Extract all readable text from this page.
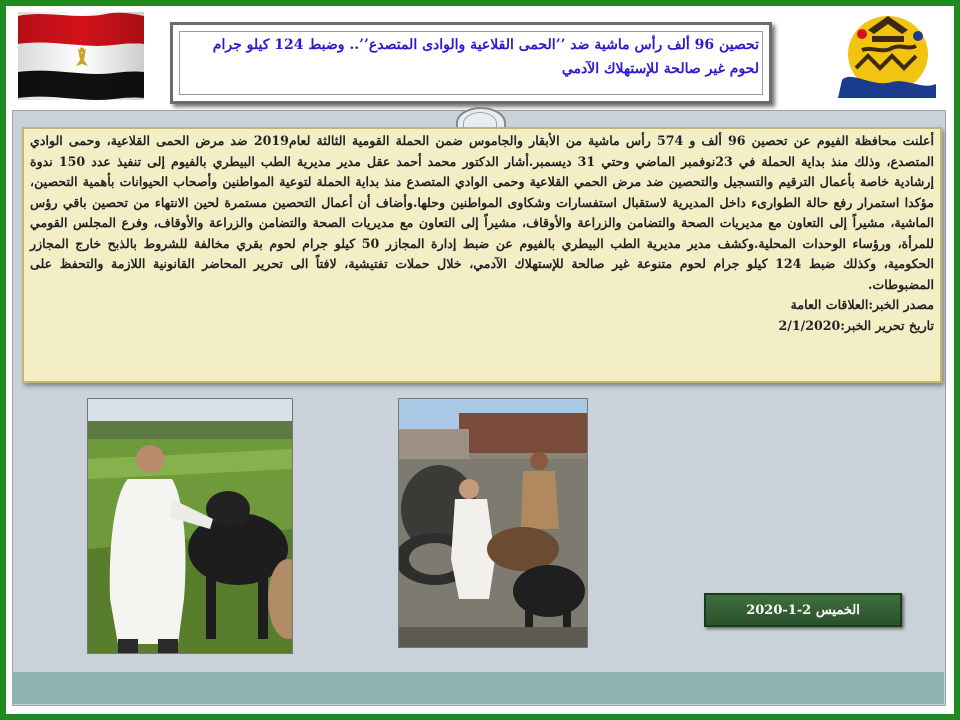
تحصين 96 ألف رأس ماشية ضد ’’الحمى القلاعية والوادى المتصدع’’.. وضبط 124 كيلو جرام لحوم غير صالحة للإستهلاك الآدمي

أعلنت محافظة الفيوم عن تحصين 96 ألف و 574 رأس ماشية من الأبقار والجاموس ضمن الحملة القومية الثالثة لعام2019 ضد مرض الحمى القلاعية، وحمى الوادي المتصدع، وذلك منذ بداية الحملة في 23نوفمبر الماضي وحتي 31 ديسمبر.أشار الدكتور محمد أحمد عقل مدير مديرية الطب البيطري بالفيوم إلى تنفيذ عدد 150 ندوة إرشادية خاصة بأعمال الترقيم والتسجيل والتحصين ضد مرض الحمي القلاعية وحمى الوادي المتصدع منذ بداية الحملة لتوعية المواطنين وأصحاب الحيوانات بأهمية التحصين، مؤكدا استمرار رفع حالة الطوارىء داخل المديرية لاستقبال استفسارات وشكاوى المواطنين وحلها.وأضاف أن أعمال التحصين مستمرة لحين الانتهاء من تحصين باقي رؤس الماشية، مشيراً إلى التعاون مع مديريات الصحة والتضامن والزراعة والأوقاف، مشيراً إلى التعاون مع مديريات الصحة والتضامن والزراعة والأوقاف، وفرع المجلس القومي للمرأة، ورؤساء الوحدات المحلية.وكشف مدير مديرية الطب البيطري بالفيوم عن ضبط إدارة المجازر 50 كيلو جرام لحوم بقري مخالفة للشروط بالذبح خارج المجازر الحكومية، وكذلك ضبط 124 كيلو جرام لحوم متنوعة غير صالحة للإستهلاك الآدمي، خلال حملات تفتيشية، لافتاً الى تحرير المحاضر القانونية اللازمة والتحفظ على المضبوطات.

مصدر الخبر:العلاقات العامة

تاريخ تحرير الخبر:2/1/2020

الخميس 2-1-2020
